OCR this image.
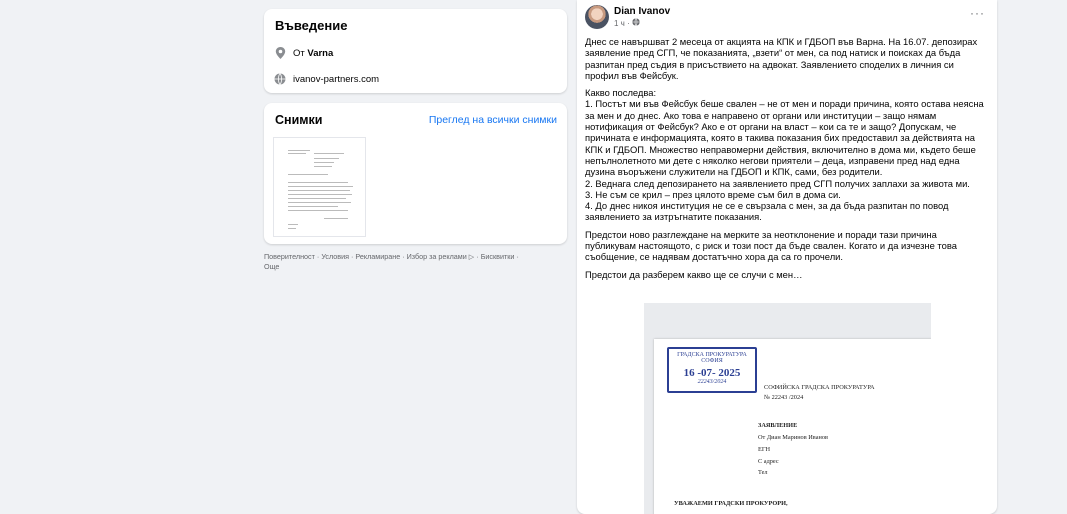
Въведение
От Varna
ivanov-partners.com
Снимки	Преглед на всички снимки
Поверителност · Условия · Рекламиране · Избор за реклами ▷ · Бисквитки ·
Още
Dian Ivanov
1 ч ·
···

Днес се навършват 2 месеца от акцията на КПК и ГДБОП във Варна. На 16.07. депозирах заявление пред СГП, че показанията, „взети“ от мен, са под натиск и поисках да бъда разпитан пред съдия в присъствието на адвокат. Заявлението споделих в личния си профил във Фейсбук.

Какво последва:
1. Постът ми във Фейсбук беше свален – не от мен и поради причина, която остава неясна за мен и до днес. Ако това е направено от органи или институции – защо нямам нотификация от Фейсбук? Ако е от органи на власт – кои са те и защо? Допускам, че причината е информацията, която в такива показания бих предоставил за действията на КПК и ГДБОП. Множество неправомерни действия, включително в дома ми, където беше непълнолетното ми дете с няколко негови приятели – деца, изправени пред над една дузина въоръжени служители на ГДБОП и КПК, сами, без родители.
2. Веднага след депозирането на заявлението пред СГП получих заплахи за живота ми.
3. Не съм се крил – през цялото време съм бил в дома си.
4. До днес никоя институция не се е свързала с мен, за да бъда разпитан по повод заявлението за изтръгнатите показания.

Предстои ново разглеждане на мерките за неотклонение и поради тази причина публикувам настоящото, с риск и този пост да бъде свален. Когато и да изчезне това съобщение, се надявам достатъчно хора да са го прочели.

Предстои да разберем какво ще се случи с мен…

ГРАДСКА ПРОКУРАТУРА
СОФИЯ
16 -07- 2025
22243/2024
СОФИЙСКА ГРАДСКА ПРОКУРАТУРА
№ 22243 /2024
ЗАЯВЛЕНИЕ
От Диан Маринов Иванов
ЕГН
С адрес
Тел
УВАЖАЕМИ ГРАДСКИ ПРОКУРОРИ,
